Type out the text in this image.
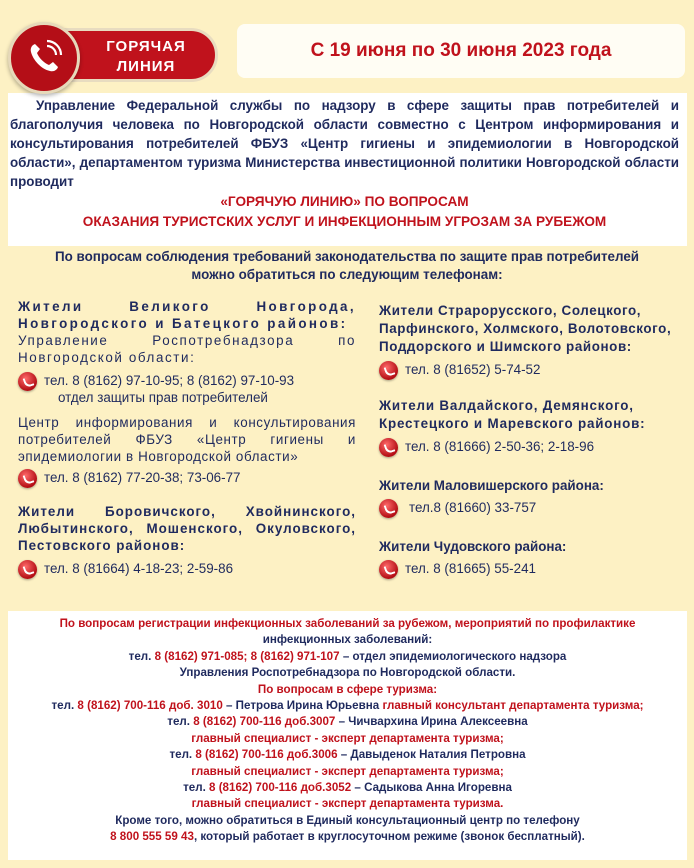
ГОРЯЧАЯ
ЛИНИЯ
С 19 июня по 30 июня 2023 года

Управление Федеральной службы по надзору в сфере защиты прав потребителей и благополучия человека по Новгородской области совместно с Центром информирования и консультирования потребителей ФБУЗ «Центр гигиены и эпидемиологии в Новгородской области», департаментом туризма Министерства инвестиционной политики Новгородской области проводит

«ГОРЯЧУЮ ЛИНИЮ» ПО ВОПРОСАМ
ОКАЗАНИЯ ТУРИСТСКИХ УСЛУГ И ИНФЕКЦИОННЫМ УГРОЗАМ ЗА РУБЕЖОМ
По вопросам соблюдения требований законодательства по защите прав потребителей
можно обратиться по следующим телефонам:

Жители Великого Новгорода, Новгородского и Батецкого районов:

Управление Роспотребнадзора по Новгородской области:

тел. 8 (8162) 97-10-95; 8 (8162) 97-10-93
отдел защиты прав потребителей

Центр информирования и консультирования потребителей ФБУЗ «Центр гигиены и эпидемиологии в Новгородской области»

тел. 8 (8162) 77-20-38; 73-06-77

Жители Боровичского, Хвойнинского, Любытинского, Мошенского, Окуловского, Пестовского районов:

тел. 8 (81664) 4-18-23; 2-59-86
Жители Страрорусского, Солецкого, Парфинского, Холмского, Волотовского, Поддорского и Шимского районов:
тел. 8 (81652) 5-74-52
Жители Валдайского, Демянского, Крестецкого и Маревского районов:
тел. 8 (81666) 2-50-36; 2-18-96
Жители Маловишерского района:
тел.8 (81660) 33-757
Жители Чудовского района:
тел. 8 (81665) 55-241
По вопросам регистрации инфекционных заболеваний за рубежом, мероприятий по профилактике
инфекционных заболеваний:
тел. 8 (8162) 971-085; 8 (8162) 971-107 – отдел эпидемиологического надзора
Управления Роспотребнадзора по Новгородской области.
По вопросам в сфере туризма:
тел. 8 (8162) 700-116 доб. 3010 – Петрова Ирина Юрьевна главный консультант департамента туризма;
тел. 8 (8162) 700-116 доб.3007 – Чичвархина Ирина Алексеевна
главный специалист - эксперт департамента туризма;
тел. 8 (8162) 700-116 доб.3006 – Давыденок Наталия Петровна
главный специалист - эксперт департамента туризма;
тел. 8 (8162) 700-116 доб.3052 – Садыкова Анна Игоревна
главный специалист - эксперт департамента туризма.
Кроме того, можно обратиться в Единый консультационный центр по телефону
8 800 555 59 43, который работает в круглосуточном режиме (звонок бесплатный).
